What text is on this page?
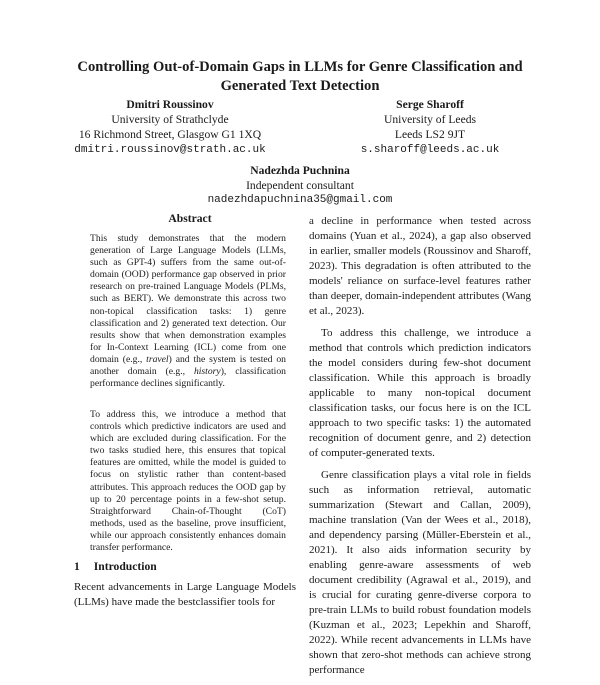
Controlling Out-of-Domain Gaps in LLMs for Genre Classification and Generated Text Detection
Dmitri Roussinov
University of Strathclyde
16 Richmond Street, Glasgow G1 1XQ
dmitri.roussinov@strath.ac.uk
Serge Sharoff
University of Leeds
Leeds LS2 9JT
s.sharoff@leeds.ac.uk
Nadezhda Puchnina
Independent consultant
nadezhdapuchnina35@gmail.com
Abstract

This study demonstrates that the modern generation of Large Language Models (LLMs, such as GPT-4) suffers from the same out-of-domain (OOD) performance gap observed in prior research on pre-trained Language Models (PLMs, such as BERT). We demonstrate this across two non-topical classification tasks: 1) genre classification and 2) generated text detection. Our results show that when demonstration examples for In-Context Learning (ICL) come from one domain (e.g., travel) and the system is tested on another domain (e.g., history), classification performance declines significantly.

To address this, we introduce a method that controls which predictive indicators are used and which are excluded during classification. For the two tasks studied here, this ensures that topical features are omitted, while the model is guided to focus on stylistic rather than content-based attributes. This approach reduces the OOD gap by up to 20 percentage points in a few-shot setup. Straightforward Chain-of-Thought (CoT) methods, used as the baseline, prove insufficient, while our approach consistently enhances domain transfer performance.

1 Introduction
Recent advancements in Large Language Models (LLMs) have made the bestclassifier tools for

a decline in performance when tested across domains (Yuan et al., 2024), a gap also observed in earlier, smaller models (Roussinov and Sharoff, 2023). This degradation is often attributed to the models' reliance on surface-level features rather than deeper, domain-independent attributes (Wang et al., 2023).

To address this challenge, we introduce a method that controls which prediction indicators the model considers during few-shot document classification. While this approach is broadly applicable to many non-topical document classification tasks, our focus here is on the ICL approach to two specific tasks: 1) the automated recognition of document genre, and 2) detection of computer-generated texts.

Genre classification plays a vital role in fields such as information retrieval, automatic summarization (Stewart and Callan, 2009), machine translation (Van der Wees et al., 2018), and dependency parsing (Müller-Eberstein et al., 2021). It also aids information security by enabling genre-aware assessments of web document credibility (Agrawal et al., 2019), and is crucial for curating genre-diverse corpora to pre-train LLMs to build robust foundation models (Kuzman et al., 2023; Lepekhin and Sharoff, 2022). While recent advancements in LLMs have shown that zero-shot methods can achieve strong performance
